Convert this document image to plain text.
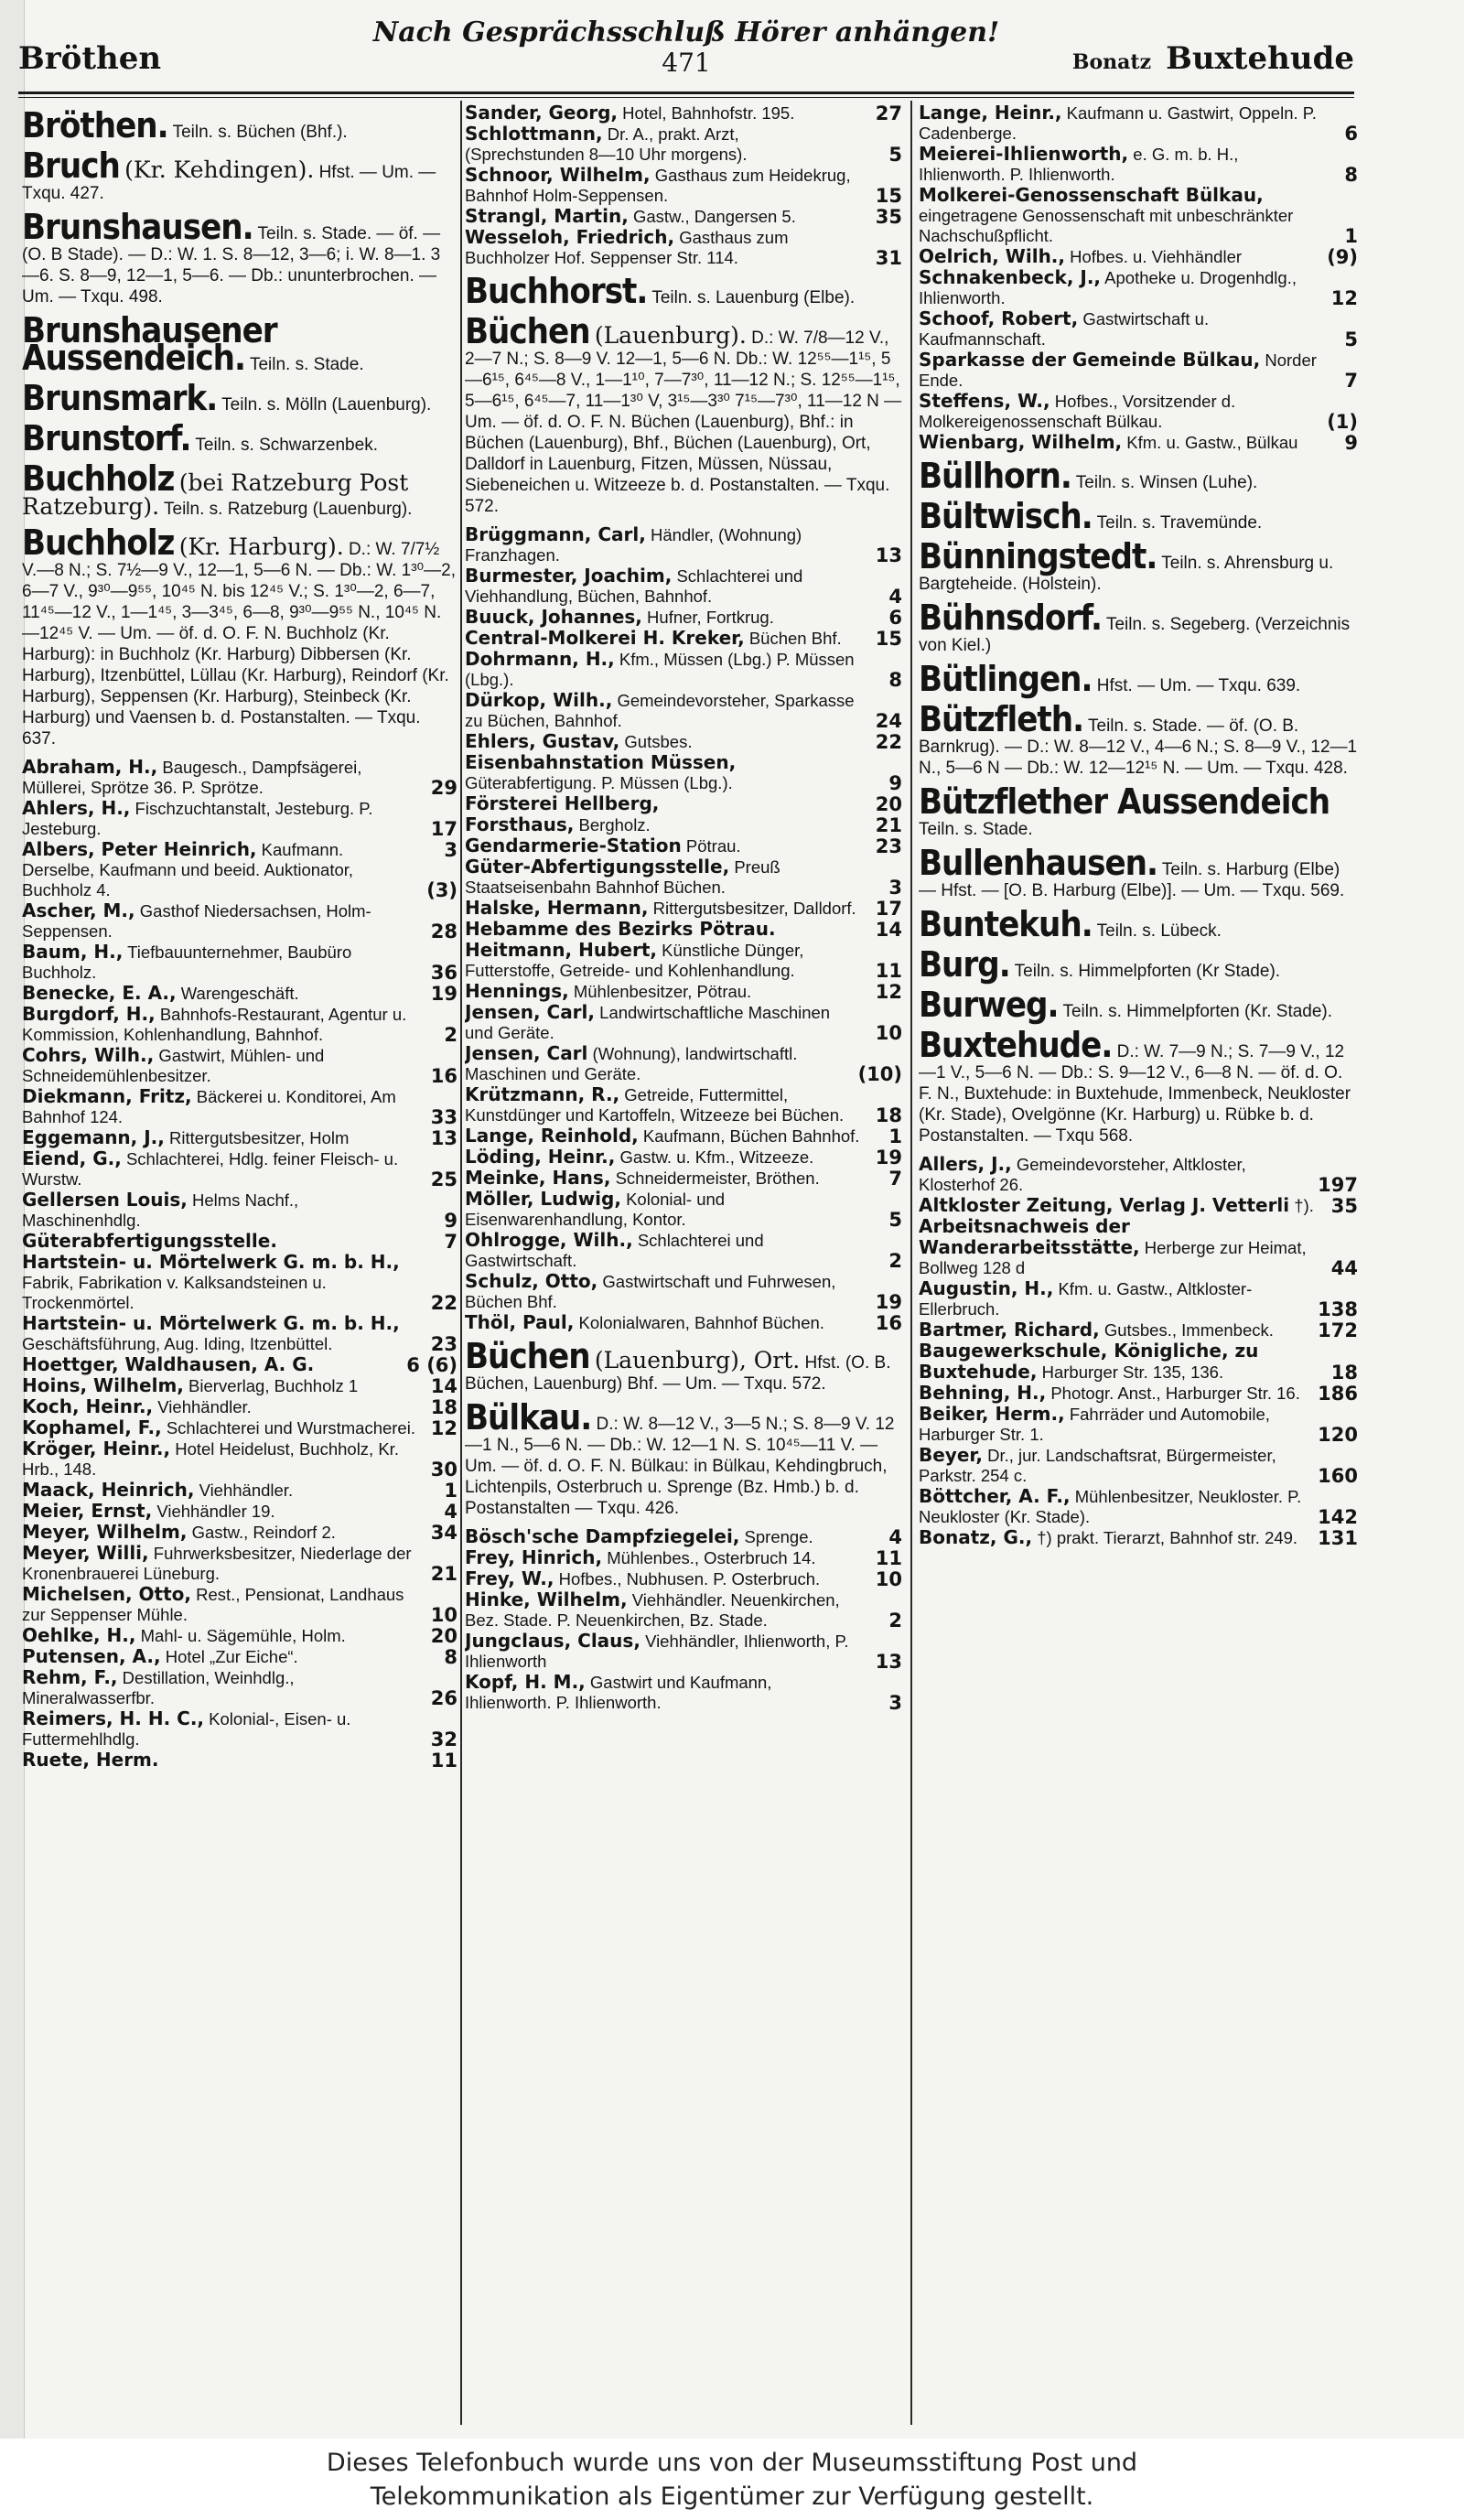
Bröthen
Nach Gesprächsschluß Hörer anhängen!
471	Bonatz Buxtehude
Bröthen. Teiln. s. Büchen (Bhf.).
Bruch (Kr. Kehdingen). Hfst. — Um. — Txqu. 427.
Brunshausen. Teiln. s. Stade. — öf. — (O. B Stade). — D.: W. 1. S. 8—12, 3—6; i. W. 8—1. 3—6. S. 8—9, 12—1, 5—6. — Db.: ununterbrochen. — Um. — Txqu. 498.
Brunshausener Aussendeich. Teiln. s. Stade.
Brunsmark. Teiln. s. Mölln (Lauenburg).
Brunstorf. Teiln. s. Schwarzenbek.
Buchholz (bei Ratzeburg Post Ratzeburg). Teiln. s. Ratzeburg (Lauenburg).
Buchholz (Kr. Harburg). D.: W. 7/7½ V.—8 N.; S. 7½—9 V., 12—1, 5—6 N. — Db.: W. 1³⁰—2, 6—7 V., 9³⁰—9⁵⁵, 10⁴⁵ N. bis 12⁴⁵ V.; S. 1³⁰—2, 6—7, 11⁴⁵—12 V., 1—1⁴⁵, 3—3⁴⁵, 6—8, 9³⁰—9⁵⁵ N., 10⁴⁵ N.—12⁴⁵ V. — Um. — öf. d. O. F. N. Buchholz (Kr. Harburg): in Buchholz (Kr. Harburg) Dibbersen (Kr. Harburg), Itzenbüttel, Lüllau (Kr. Harburg), Reindorf (Kr. Harburg), Seppensen (Kr. Harburg), Steinbeck (Kr. Harburg) und Vaensen b. d. Postanstalten. — Txqu. 637.
Abraham, H., Baugesch., Dampfsägerei, Müllerei, Sprötze 36. P. Sprötze.	29
Ahlers, H., Fischzuchtanstalt, Jesteburg. P. Jesteburg.	17
Albers, Peter Heinrich, Kaufmann.	3
Derselbe, Kaufmann und beeid. Auktionator, Buchholz 4.	(3)
Ascher, M., Gasthof Niedersachsen, Holm-Seppensen.	28
Baum, H., Tiefbauunternehmer, Baubüro Buchholz.	36
Benecke, E. A., Warengeschäft.	19
Burgdorf, H., Bahnhofs-Restaurant, Agentur u. Kommission, Kohlenhandlung, Bahnhof.	2
Cohrs, Wilh., Gastwirt, Mühlen- und Schneidemühlenbesitzer.	16
Diekmann, Fritz, Bäckerei u. Konditorei, Am Bahnhof 124.	33
Eggemann, J., Rittergutsbesitzer, Holm	13
Eiend, G., Schlachterei, Hdlg. feiner Fleisch- u. Wurstw.	25
Gellersen Louis, Helms Nachf., Maschinenhdlg.	9
Güterabfertigungsstelle.	7
Hartstein- u. Mörtelwerk G. m. b. H., Fabrik, Fabrikation v. Kalksandsteinen u. Trockenmörtel.	22
Hartstein- u. Mörtelwerk G. m. b. H., Geschäftsführung, Aug. Iding, Itzenbüttel.	23
Hoettger, Waldhausen, A. G.	6 (6)
Hoins, Wilhelm, Bierverlag, Buchholz 1	14
Koch, Heinr., Viehhändler.	18
Kophamel, F., Schlachterei und Wurstmacherei. 12
Kröger, Heinr., Hotel Heidelust, Buchholz, Kr. Hrb., 148.	30
Maack, Heinrich, Viehhändler.	1
Meier, Ernst, Viehhändler 19.	4
Meyer, Wilhelm, Gastw., Reindorf 2.	34
Meyer, Willi, Fuhrwerksbesitzer, Niederlage der Kronenbrauerei Lüneburg.	21
Michelsen, Otto, Rest., Pensionat, Landhaus zur Seppenser Mühle.	10
Oehlke, H., Mahl- u. Sägemühle, Holm.	20
Putensen, A., Hotel „Zur Eiche“.	8
Rehm, F., Destillation, Weinhdlg., Mineralwasserfbr.	26
Reimers, H. H. C., Kolonial-, Eisen- u. Futtermehlhdlg.	32
Ruete, Herm.	11
Sander, Georg, Hotel, Bahnhofstr. 195.	27
Schlottmann, Dr. A., prakt. Arzt, (Sprechstunden 8—10 Uhr morgens).	5
Schnoor, Wilhelm, Gasthaus zum Heidekrug, Bahnhof Holm-Seppensen.	15
Strangl, Martin, Gastw., Dangersen 5.	35
Wesseloh, Friedrich, Gasthaus zum Buchholzer Hof. Seppenser Str. 114.	31
Buchhorst. Teiln. s. Lauenburg (Elbe).
Büchen (Lauenburg). D.: W. 7/8—12 V., 2—7 N.; S. 8—9 V. 12—1, 5—6 N. Db.: W. 12⁵⁵—1¹⁵, 5—6¹⁵, 6⁴⁵—8 V., 1—1¹⁰, 7—7³⁰, 11—12 N.; S. 12⁵⁵—1¹⁵, 5—6¹⁵, 6⁴⁵—7, 11—1³⁰ V, 3¹⁵—3³⁰ 7¹⁵—7³⁰, 11—12 N — Um. — öf. d. O. F. N. Büchen (Lauenburg), Bhf.: in Büchen (Lauenburg), Bhf., Büchen (Lauenburg), Ort, Dalldorf in Lauenburg, Fitzen, Müssen, Nüssau, Siebeneichen u. Witzeeze b. d. Postanstalten. — Txqu. 572.
Brüggmann, Carl, Händler, (Wohnung) Franzhagen.	13
Burmester, Joachim, Schlachterei und Viehhandlung, Büchen, Bahnhof.	4
Buuck, Johannes, Hufner, Fortkrug.	6
Central-Molkerei H. Kreker, Büchen Bhf. 15
Dohrmann, H., Kfm., Müssen (Lbg.) P. Müssen (Lbg.).	8
Dürkop, Wilh., Gemeindevorsteher, Sparkasse zu Büchen, Bahnhof.	24
Ehlers, Gustav, Gutsbes.	22
Eisenbahnstation Müssen, Güterabfertigung. P. Müssen (Lbg.).	9
Försterei Hellberg,	20
Forsthaus, Bergholz.	21
Gendarmerie-Station Pötrau.	23
Güter-Abfertigungsstelle, Preuß Staatseisenbahn Bahnhof Büchen.	3
Halske, Hermann, Rittergutsbesitzer, Dalldorf. 17
Hebamme des Bezirks Pötrau.	14
Heitmann, Hubert, Künstliche Dünger, Futterstoffe, Getreide- und Kohlenhandlung.	11
Hennings, Mühlenbesitzer, Pötrau.	12
Jensen, Carl, Landwirtschaftliche Maschinen und Geräte.	10
Jensen, Carl (Wohnung), landwirtschaftl. Maschinen und Geräte.	(10)
Krützmann, R., Getreide, Futtermittel, Kunstdünger und Kartoffeln, Witzeeze bei Büchen. 18
Lange, Reinhold, Kaufmann, Büchen Bahnhof. 1
Löding, Heinr., Gastw. u. Kfm., Witzeeze.	19
Meinke, Hans, Schneidermeister, Bröthen.	7
Möller, Ludwig, Kolonial- und Eisenwarenhandlung, Kontor.	5
Ohlrogge, Wilh., Schlachterei und Gastwirtschaft.	2
Schulz, Otto, Gastwirtschaft und Fuhrwesen, Büchen Bhf.	19
Thöl, Paul, Kolonialwaren, Bahnhof Büchen.	16
Büchen (Lauenburg), Ort. Hfst. (O. B. Büchen, Lauenburg) Bhf. — Um. — Txqu. 572.
Bülkau. D.: W. 8—12 V., 3—5 N.; S. 8—9 V. 12—1 N., 5—6 N. — Db.: W. 12—1 N. S. 10⁴⁵—11 V. — Um. — öf. d. O. F. N. Bülkau: in Bülkau, Kehdingbruch, Lichtenpils, Osterbruch u. Sprenge (Bz. Hmb.) b. d. Postanstalten — Txqu. 426.
Bösch'sche Dampfziegelei, Sprenge.	4
Frey, Hinrich, Mühlenbes., Osterbruch 14.	11
Frey, W., Hofbes., Nubhusen. P. Osterbruch.	10
Hinke, Wilhelm, Viehhändler. Neuenkirchen, Bez. Stade. P. Neuenkirchen, Bz. Stade.	2
Jungclaus, Claus, Viehhändler, Ihlienworth, P. Ihlienworth	13
Kopf, H. M., Gastwirt und Kaufmann, Ihlienworth. P. Ihlienworth.	3
Lange, Heinr., Kaufmann u. Gastwirt, Oppeln. P. Cadenberge.	6
Meierei-Ihlienworth, e. G. m. b. H., Ihlienworth. P. Ihlienworth.	8
Molkerei-Genossenschaft Bülkau, eingetragene Genossenschaft mit unbeschränkter Nachschußpflicht.	1
Oelrich, Wilh., Hofbes. u. Viehhändler	(9)
Schnakenbeck, J., Apotheke u. Drogenhdlg., Ihlienworth.	12
Schoof, Robert, Gastwirtschaft u. Kaufmannschaft.	5
Sparkasse der Gemeinde Bülkau, Norder Ende.	7
Steffens, W., Hofbes., Vorsitzender d. Molkereigenossenschaft Bülkau.	(1)
Wienbarg, Wilhelm, Kfm. u. Gastw., Bülkau 9
Büllhorn. Teiln. s. Winsen (Luhe).
Bültwisch. Teiln. s. Travemünde.
Bünningstedt. Teiln. s. Ahrensburg u. Bargteheide. (Holstein).
Bühnsdorf. Teiln. s. Segeberg. (Verzeichnis von Kiel.)
Bütlingen. Hfst. — Um. — Txqu. 639.
Bützfleth. Teiln. s. Stade. — öf. (O. B. Barnkrug). — D.: W. 8—12 V., 4—6 N.; S. 8—9 V., 12—1 N., 5—6 N — Db.: W. 12—12¹⁵ N. — Um. — Txqu. 428.
Bützflether Aussendeich Teiln. s. Stade.
Bullenhausen. Teiln. s. Harburg (Elbe) — Hfst. — [O. B. Harburg (Elbe)]. — Um. — Txqu. 569.
Buntekuh. Teiln. s. Lübeck.
Burg. Teiln. s. Himmelpforten (Kr Stade).
Burweg. Teiln. s. Himmelpforten (Kr. Stade).
Buxtehude. D.: W. 7—9 N.; S. 7—9 V., 12—1 V., 5—6 N. — Db.: S. 9—12 V., 6—8 N. — öf. d. O. F. N., Buxtehude: in Buxtehude, Immenbeck, Neukloster (Kr. Stade), Ovelgönne (Kr. Harburg) u. Rübke b. d. Postanstalten. — Txqu 568.
Allers, J., Gemeindevorsteher, Altkloster, Klosterhof 26.	197
Altkloster Zeitung, Verlag J. Vetterli †). 35
Arbeitsnachweis der Wanderarbeitsstätte, Herberge zur Heimat, Bollweg 128 d	44
Augustin, H., Kfm. u. Gastw., Altkloster-Ellerbruch.	138
Bartmer, Richard, Gutsbes., Immenbeck. 172
Baugewerkschule, Königliche, zu Buxtehude, Harburger Str. 135, 136.	18
Behning, H., Photogr. Anst., Harburger Str. 16. 186
Beiker, Herm., Fahrräder und Automobile, Harburger Str. 1.	120
Beyer, Dr., jur. Landschaftsrat, Bürgermeister, Parkstr. 254 c.	160
Böttcher, A. F., Mühlenbesitzer, Neukloster. P. Neukloster (Kr. Stade).	142
Bonatz, G., †) prakt. Tierarzt, Bahnhof str. 249. 131
Dieses Telefonbuch wurde uns von der Museumsstiftung Post und
Telekommunikation als Eigentümer zur Verfügung gestellt.
